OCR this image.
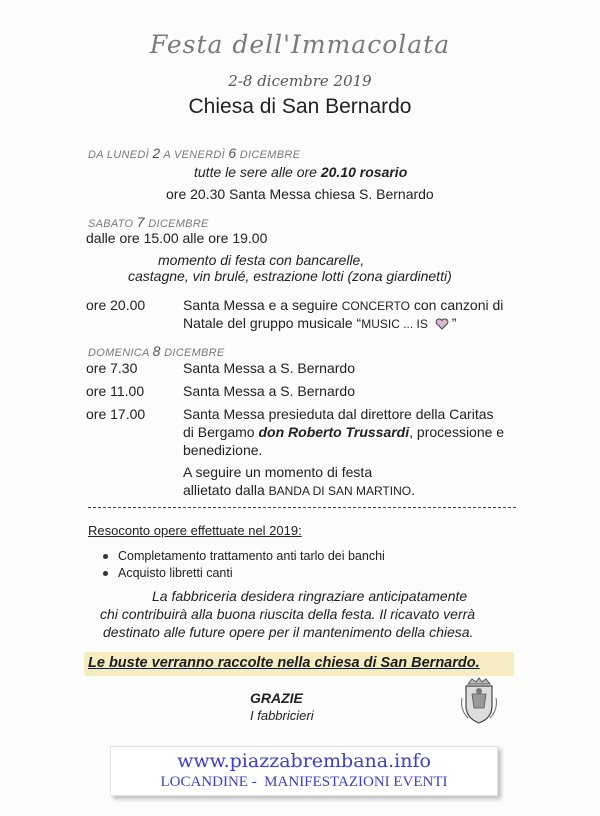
Festa dell'Immacolata
2-8 dicembre 2019
Chiesa di San Bernardo
DA LUNEDÌ 2 A VENERDÌ 6 DICEMBRE
tutte le sere alle ore 20.10 rosario
ore 20.30 Santa Messa chiesa S. Bernardo
SABATO 7 DICEMBRE
dalle ore 15.00 alle ore 19.00
momento di festa con bancarelle,
castagne, vin brulé, estrazione lotti (zona giardinetti)
ore 20.00	Santa Messa e a seguire CONCERTO con canzoni di
Natale del gruppo musicale “MUSIC ... IS ”
DOMENICA 8 DICEMBRE
ore 7.30	Santa Messa a S. Bernardo
ore 11.00	Santa Messa a S. Bernardo
ore 17.00	Santa Messa presieduta dal direttore della Caritas
di Bergamo don Roberto Trussardi, processione e
benedizione.
A seguire un momento di festa
allietato dalla BANDA DI SAN MARTINO.
Resoconto opere effettuate nel 2019:
Completamento trattamento anti tarlo dei banchi
Acquisto libretti canti
La fabbriceria desidera ringraziare anticipatamente
chi contribuirà alla buona riuscita della festa. Il ricavato verrà
destinato alle future opere per il mantenimento della chiesa.
Le buste verranno raccolte nella chiesa di San Bernardo.
GRAZIE
I fabbricieri
www.piazzabrembana.info
LOCANDINE -  MANIFESTAZIONI EVENTI
